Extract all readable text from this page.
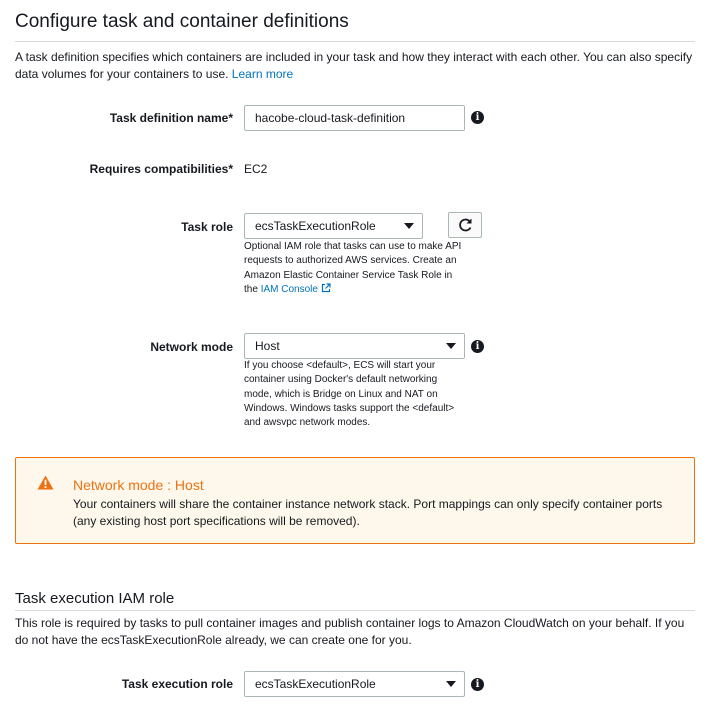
Configure task and container definitions
A task definition specifies which containers are included in your task and how they interact with each other. You can also specify data volumes for your containers to use. Learn more
Task definition name*	hacobe-cloud-task-definition	i
Requires compatibilities* EC2
Task role	ecsTaskExecutionRole
Optional IAM role that tasks can use to make API requests to authorized AWS services. Create an Amazon Elastic Container Service Task Role in the IAM Console
Network mode	Host	i
If you choose <default>, ECS will start your container using Docker's default networking mode, which is Bridge on Linux and NAT on Windows. Windows tasks support the <default> and awsvpc network modes.
Network mode : Host
Your containers will share the container instance network stack. Port mappings can only specify container ports (any existing host port specifications will be removed).
Task execution IAM role
This role is required by tasks to pull container images and publish container logs to Amazon CloudWatch on your behalf. If you do not have the ecsTaskExecutionRole already, we can create one for you.
Task execution role	ecsTaskExecutionRole	i
